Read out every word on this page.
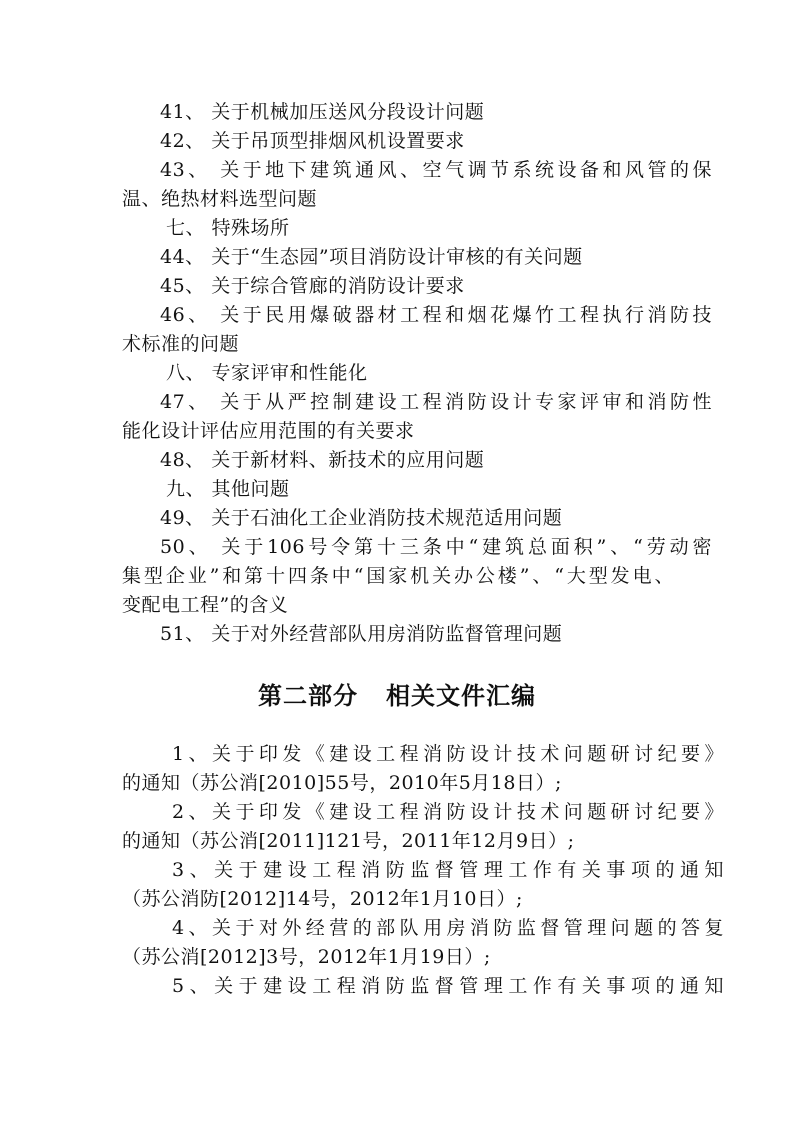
41、 关于机械加压送风分段设计问题
42、 关于吊顶型排烟风机设置要求
43、 关于地下建筑通风、空气调节系统设备和风管的保
温、绝热材料选型问题
七、 特殊场所
44、 关于“生态园”项目消防设计审核的有关问题
45、 关于综合管廊的消防设计要求
46、 关于民用爆破器材工程和烟花爆竹工程执行消防技
术标准的问题
八、 专家评审和性能化
47、 关于从严控制建设工程消防设计专家评审和消防性
能化设计评估应用范围的有关要求
48、 关于新材料、新技术的应用问题
九、 其他问题
49、 关于石油化工企业消防技术规范适用问题
50、 关于106号令第十三条中“建筑总面积”、“劳动密
集型企业”和第十四条中“国家机关办公楼”、“大型发电、
变配电工程”的含义
51、 关于对外经营部队用房消防监督管理问题
第二部分   相关文件汇编
1、关于印发《建设工程消防设计技术问题研讨纪要》
的通知（苏公消[2010]55号，2010年5月18日）;
2、关于印发《建设工程消防设计技术问题研讨纪要》
的通知（苏公消[2011]121号，2011年12月9日）;
3、关于建设工程消防监督管理工作有关事项的通知
（苏公消防[2012]14号，2012年1月10日）;
4、关于对外经营的部队用房消防监督管理问题的答复
（苏公消[2012]3号，2012年1月19日）;
5、关于建设工程消防监督管理工作有关事项的通知
